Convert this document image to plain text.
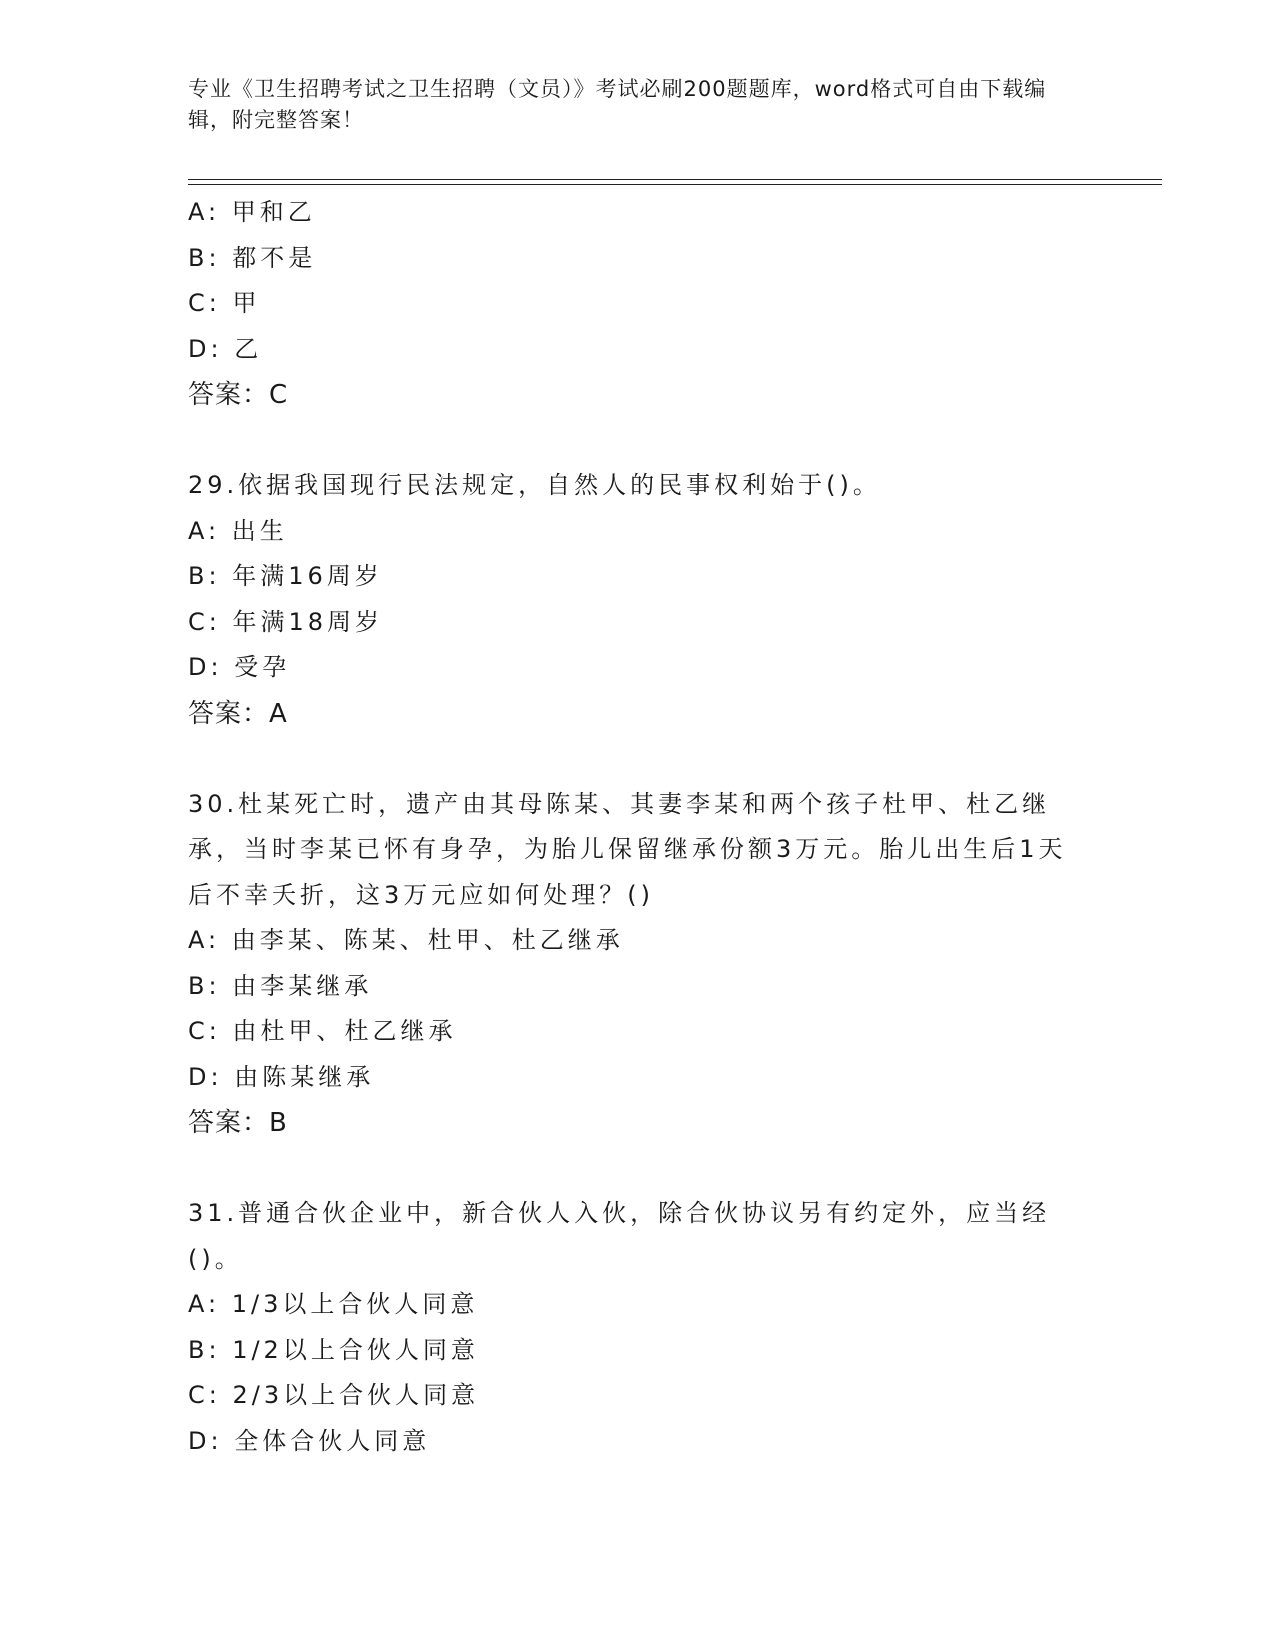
专业《卫生招聘考试之卫生招聘（文员）》考试必刷200题题库，word格式可自由下载编辑，附完整答案！
A: 甲和乙
B: 都不是
C: 甲
D: 乙
答案：C
29.依据我国现行民法规定，自然人的民事权利始于()。
A: 出生
B: 年满16周岁
C: 年满18周岁
D: 受孕
答案：A
30.杜某死亡时，遗产由其母陈某、其妻李某和两个孩子杜甲、杜乙继承，当时李某已怀有身孕，为胎儿保留继承份额3万元。胎儿出生后1天后不幸夭折，这3万元应如何处理？()
A: 由李某、陈某、杜甲、杜乙继承
B: 由李某继承
C: 由杜甲、杜乙继承
D: 由陈某继承
答案：B
31.普通合伙企业中，新合伙人入伙，除合伙协议另有约定外，应当经()。
A: 1/3以上合伙人同意
B: 1/2以上合伙人同意
C: 2/3以上合伙人同意
D: 全体合伙人同意
